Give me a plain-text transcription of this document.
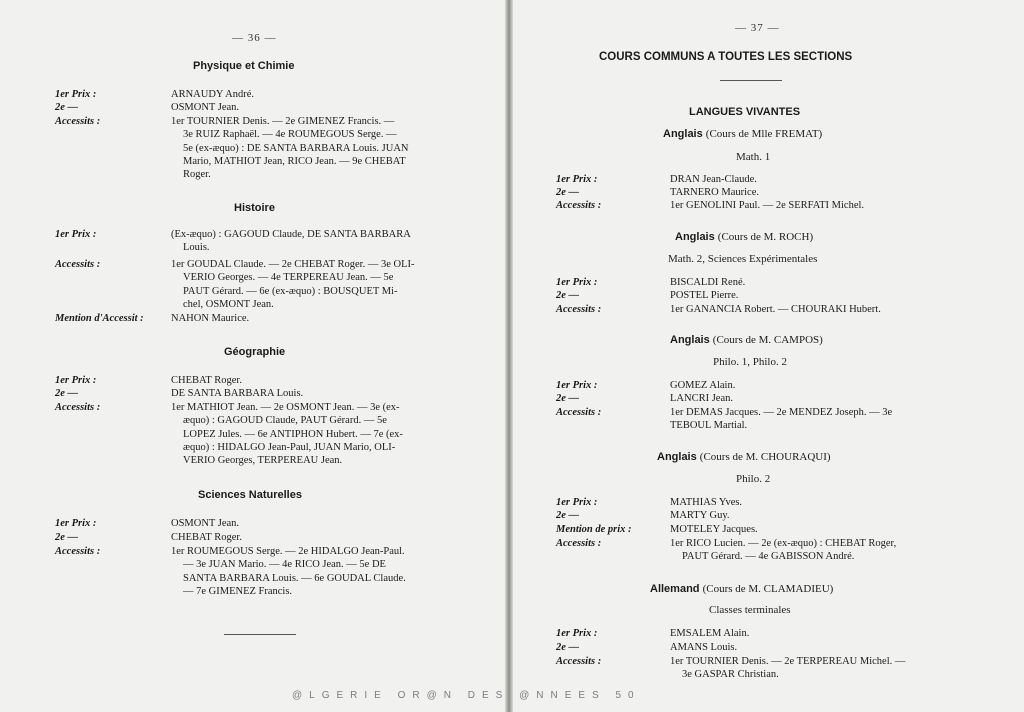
— 36 —
Physique et Chimie
1er Prix :	ARNAUDY André.
2e —	OSMONT Jean.
Accessits :	1er TOURNIER Denis. — 2e GIMENEZ Francis. —
3e RUIZ Raphaël. — 4e ROUMEGOUS Serge. —
5e (ex-æquo) : DE SANTA BARBARA Louis. JUAN
Mario, MATHIOT Jean, RICO Jean. — 9e CHEBAT
Roger.
Histoire
1er Prix :	(Ex-æquo) : GAGOUD Claude, DE SANTA BARBARA
Louis.
Accessits :	1er GOUDAL Claude. — 2e CHEBAT Roger. — 3e OLI-
VERIO Georges. — 4e TERPEREAU Jean. — 5e
PAUT Gérard. — 6e (ex-æquo) : BOUSQUET Mi-
chel, OSMONT Jean.
Mention d'Accessit :	NAHON Maurice.
Géographie
1er Prix :	CHEBAT Roger.
2e —	DE SANTA BARBARA Louis.
Accessits :	1er MATHIOT Jean. — 2e OSMONT Jean. — 3e (ex-
æquo) : GAGOUD Claude, PAUT Gérard. — 5e
LOPEZ Jules. — 6e ANTIPHON Hubert. — 7e (ex-
æquo) : HIDALGO Jean-Paul, JUAN Mario, OLI-
VERIO Georges, TERPEREAU Jean.
Sciences Naturelles
1er Prix :	OSMONT Jean.
2e —	CHEBAT Roger.
Accessits :	1er ROUMEGOUS Serge. — 2e HIDALGO Jean-Paul.
— 3e JUAN Mario. — 4e RICO Jean. — 5e DE
SANTA BARBARA Louis. — 6e GOUDAL Claude.
— 7e GIMENEZ Francis.
— 37 —
COURS COMMUNS A TOUTES LES SECTIONS
LANGUES VIVANTES
Anglais (Cours de Mlle FREMAT)
Math. 1
1er Prix :	DRAN Jean-Claude.
2e —	TARNERO Maurice.
Accessits :	1er GENOLINI Paul. — 2e SERFATI Michel.
Anglais (Cours de M. ROCH)
Math. 2, Sciences Expérimentales
1er Prix :	BISCALDI René.
2e —	POSTEL Pierre.
Accessits :	1er GANANCIA Robert. — CHOURAKI Hubert.
Anglais (Cours de M. CAMPOS)
Philo. 1, Philo. 2
1er Prix :	GOMEZ Alain.
2e —	LANCRI Jean.
Accessits :	1er DEMAS Jacques. — 2e MENDEZ Joseph. — 3e
TEBOUL Martial.
Anglais (Cours de M. CHOURAQUI)
Philo. 2
1er Prix :	MATHIAS Yves.
2e —	MARTY Guy.
Mention de prix :	MOTELEY Jacques.
Accessits :	1er RICO Lucien. — 2e (ex-æquo) : CHEBAT Roger,
PAUT Gérard. — 4e GABISSON André.
Allemand (Cours de M. CLAMADIEU)
Classes terminales
1er Prix :	EMSALEM Alain.
2e —	AMANS Louis.
Accessits :	1er TOURNIER Denis. — 2e TERPEREAU Michel. —
3e GASPAR Christian.
@LGERIE OR@N DES @NNEES 50
